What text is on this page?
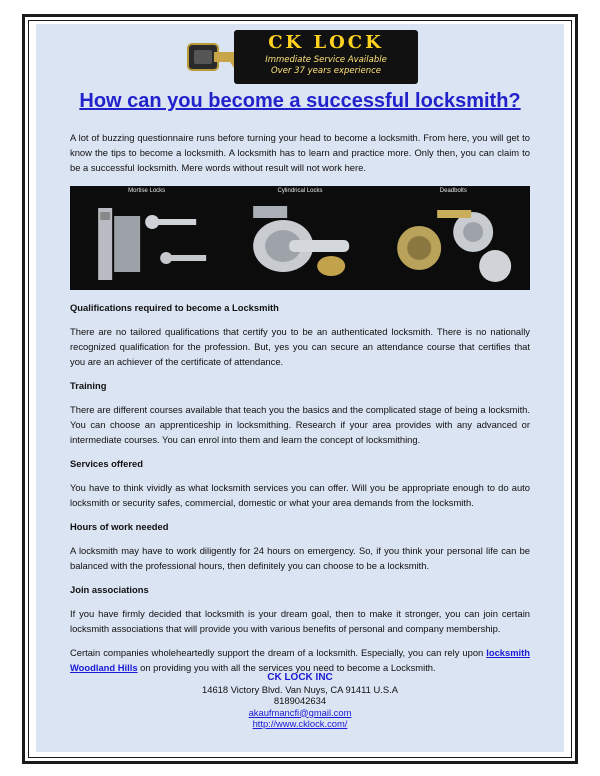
CK LOCK
Immediate Service Available
Over 37 years experience
How can you become a successful locksmith?

A lot of buzzing questionnaire runs before turning your head to become a locksmith. From here, you will get to know the tips to become a locksmith. A locksmith has to learn and practice more. Only then, you can claim to be a successful locksmith. Mere words without result will not work here.

Mortise Locks	Cylindrical Locks	Deadbolts

Qualifications required to become a Locksmith

There are no tailored qualifications that certify you to be an authenticated locksmith. There is no nationally recognized qualification for the profession. But, yes you can secure an attendance course that certifies that you are an achiever of the certificate of attendance.

Training

There are different courses available that teach you the basics and the complicated stage of being a locksmith. You can choose an apprenticeship in locksmithing. Research if your area provides with any advanced or intermediate courses. You can enrol into them and learn the concept of locksmithing.

Services offered

You have to think vividly as what locksmith services you can offer. Will you be appropriate enough to do auto locksmith or security safes, commercial, domestic or what your area demands from the locksmith.

Hours of work needed

A locksmith may have to work diligently for 24 hours on emergency. So, if you think your personal life can be balanced with the professional hours, then definitely you can choose to be a locksmith.

Join associations

If you have firmly decided that locksmith is your dream goal, then to make it stronger, you can join certain locksmith associations that will provide you with various benefits of personal and company membership.

Certain companies wholeheartedly support the dream of a locksmith. Especially, you can rely upon locksmith Woodland Hills on providing you with all the services you need to become a Locksmith.

CK LOCK INC
14618 Victory Blvd. Van Nuys, CA 91411 U.S.A
8189042634
akaufmancfi@gmail.com
http://www.cklock.com/
